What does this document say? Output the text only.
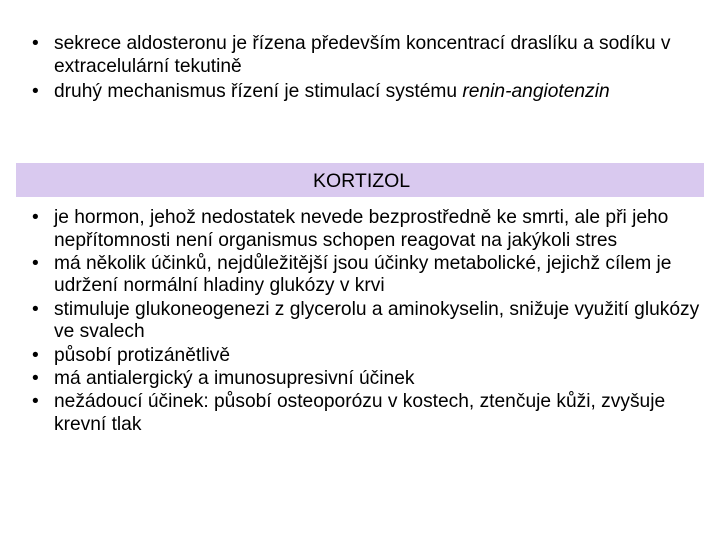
• sekrece aldosteronu je řízena především koncentrací draslíku a sodíku v extracelulární tekutině
• druhý mechanismus řízení je stimulací systému renin-angiotenzin
KORTIZOL
• je hormon, jehož nedostatek nevede bezprostředně ke smrti, ale při jeho nepřítomnosti není organismus schopen reagovat na jakýkoli stres
• má několik účinků, nejdůležitější jsou účinky metabolické, jejichž cílem je udržení normální hladiny glukózy v krvi
• stimuluje glukoneogenezi z glycerolu a aminokyselin, snižuje využití glukózy ve svalech
• působí protizánětlivě
• má antialergický a imunosupresivní účinek
• nežádoucí účinek: působí osteoporózu v kostech, ztenčuje kůži, zvyšuje krevní tlak
